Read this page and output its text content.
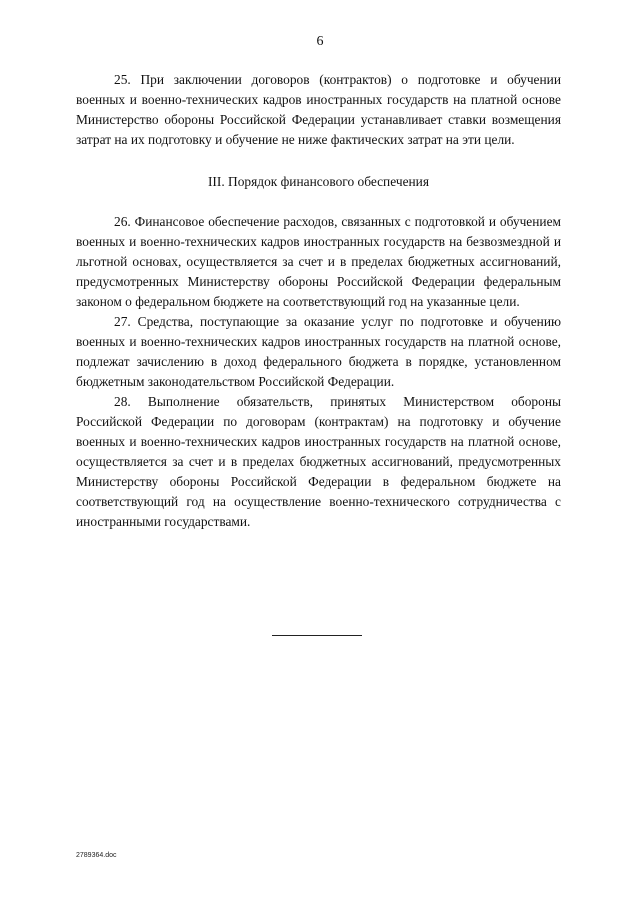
6

25. При заключении договоров (контрактов) о подготовке и обучении военных и военно-технических кадров иностранных государств на платной основе Министерство обороны Российской Федерации устанавливает ставки возмещения затрат на их подготовку и обучение не ниже фактических затрат на эти цели.

III. Порядок финансового обеспечения

26. Финансовое обеспечение расходов, связанных с подготовкой и обучением военных и военно-технических кадров иностранных государств на безвозмездной и льготной основах, осуществляется за счет и в пределах бюджетных ассигнований, предусмотренных Министерству обороны Российской Федерации федеральным законом о федеральном бюджете на соответствующий год на указанные цели.

27. Средства, поступающие за оказание услуг по подготовке и обучению военных и военно-технических кадров иностранных государств на платной основе, подлежат зачислению в доход федерального бюджета в порядке, установленном бюджетным законодательством Российской Федерации.

28. Выполнение обязательств, принятых Министерством обороны Российской Федерации по договорам (контрактам) на подготовку и обучение военных и военно-технических кадров иностранных государств на платной основе, осуществляется за счет и в пределах бюджетных ассигнований, предусмотренных Министерству обороны Российской Федерации в федеральном бюджете на соответствующий год на осуществление военно-технического сотрудничества с иностранными государствами.

2789364.doc
